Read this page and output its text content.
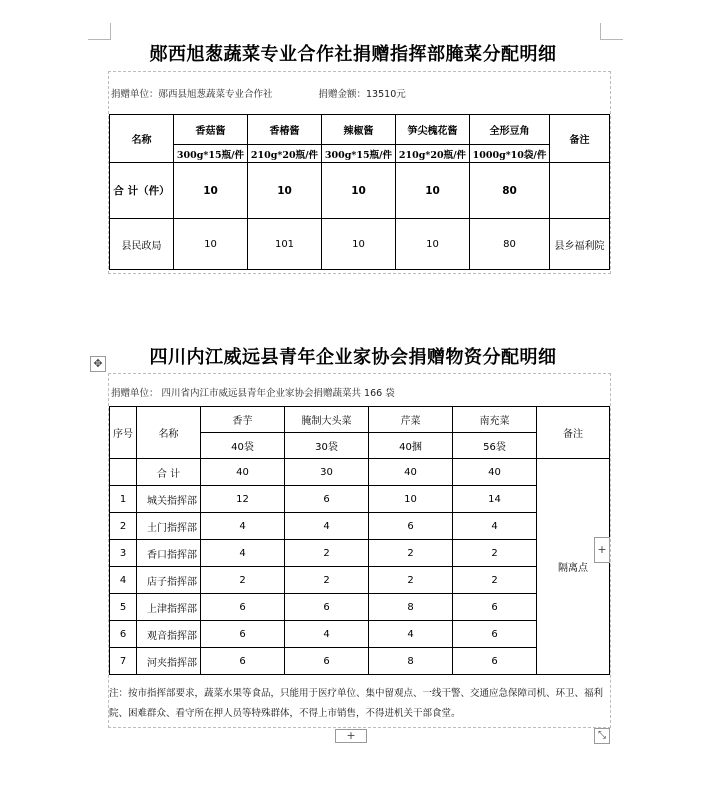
郧西旭葱蔬菜专业合作社捐赠指挥部腌菜分配明细
捐赠单位：郧西县旭葱蔬菜专业合作社	捐赠金额：13510元
名称	香菇酱	香椿酱	辣椒酱	笋尖槐花酱	全形豆角	备注
	300g*15瓶/件	210g*20瓶/件	300g*15瓶/件	210g*20瓶/件	1000g*10袋/件	
合 计（件）	10	10	10	10	80	
县民政局	10	101	10	10	80	县乡福利院
四川内江威远县青年企业家协会捐赠物资分配明细
✥
捐赠单位： 四川省内江市威远县青年企业家协会捐赠蔬菜共 166 袋
序号	名称	香芋	腌制大头菜	芹菜	南充菜	备注
		40袋	30袋	40捆	56袋	
	合 计	40	30	40	40	隔离点
1	城关指挥部	12	6	10	14	
2	土门指挥部	4	4	6	4	
3	香口指挥部	4	2	2	2	
4	店子指挥部	2	2	2	2	
5	上津指挥部	6	6	8	6	
6	观音指挥部	6	4	4	6	
7	河夹指挥部	6	6	8	6	
注：按市指挥部要求，蔬菜水果等食品，只能用于医疗单位、集中留观点、一线干警、交通应急保障司机、环卫、福利院、困难群众、看守所在押人员等特殊群体，不得上市销售，不得进机关干部食堂。
+
+	⤡
